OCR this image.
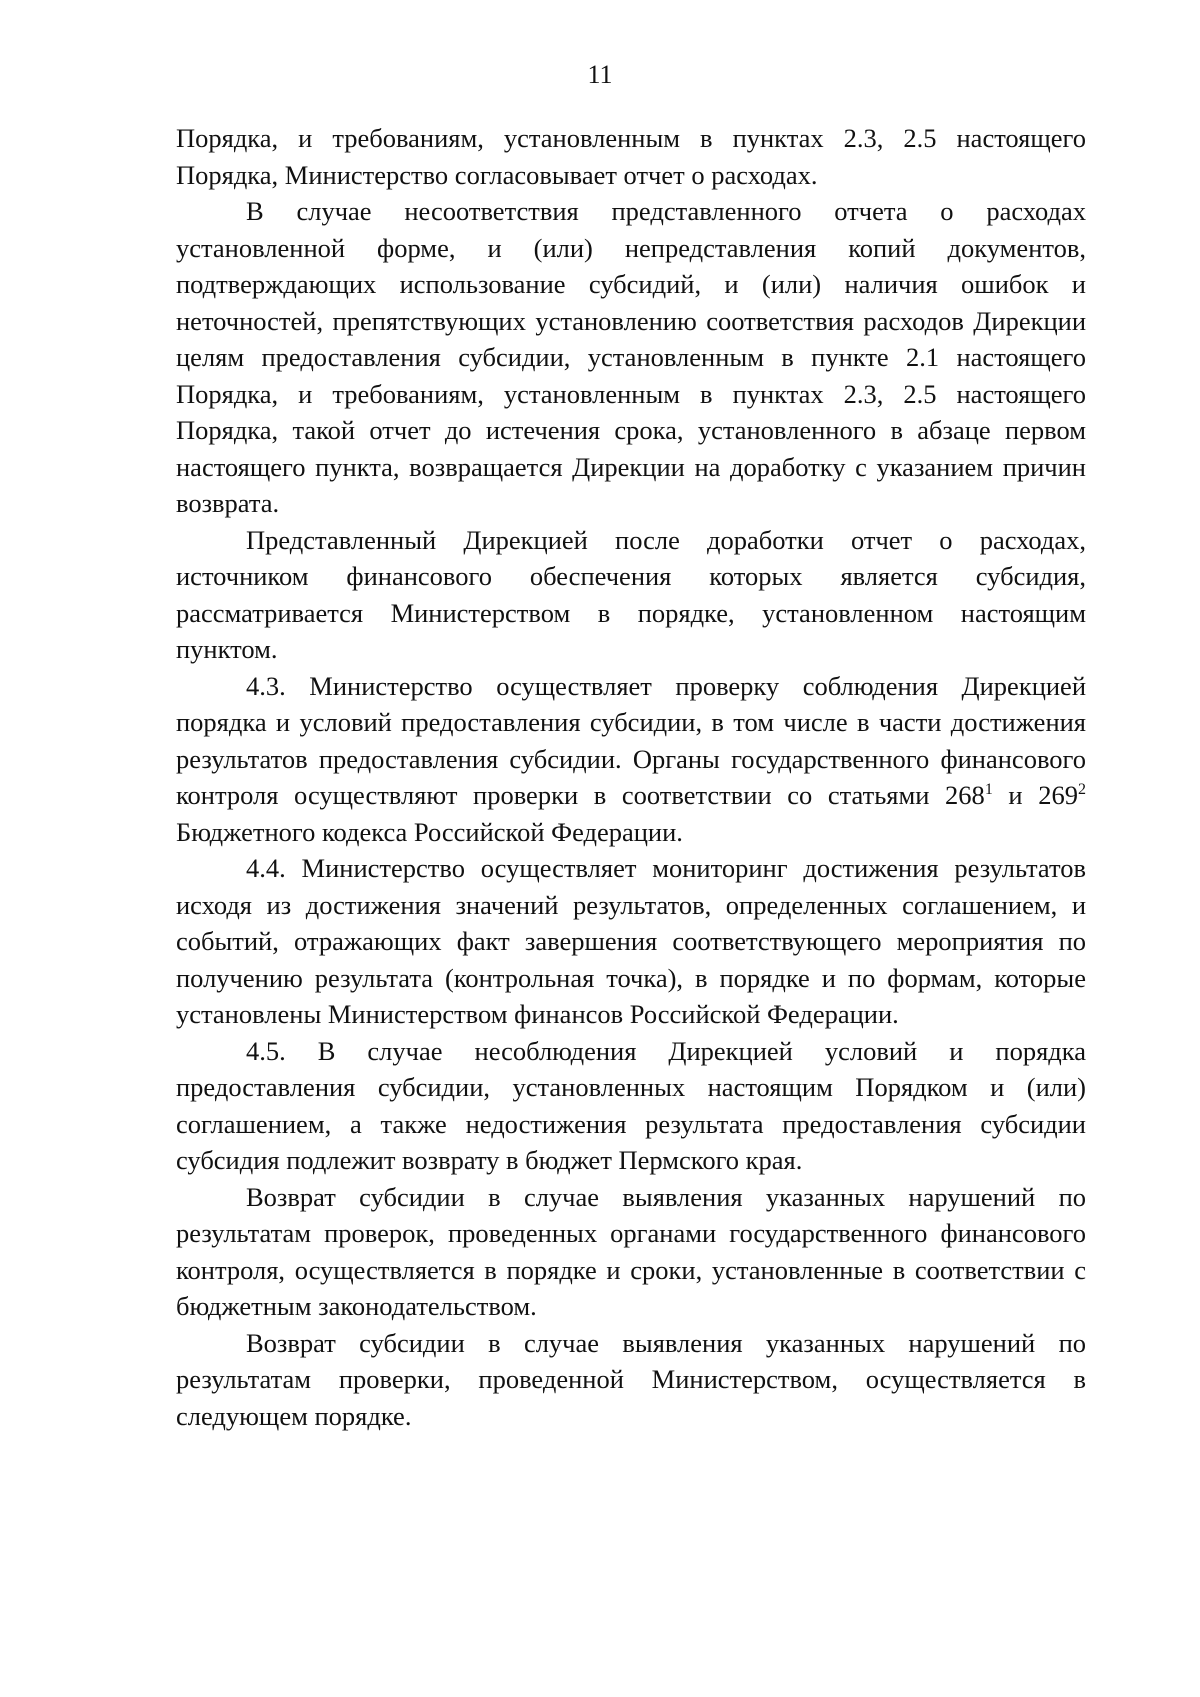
11

Порядка, и требованиям, установленным в пунктах 2.3, 2.5 настоящего Порядка, Министерство согласовывает отчет о расходах.

В случае несоответствия представленного отчета о расходах установленной форме, и (или) непредставления копий документов, подтверждающих использование субсидий, и (или) наличия ошибок и неточностей, препятствующих установлению соответствия расходов Дирекции целям предоставления субсидии, установленным в пункте 2.1 настоящего Порядка, и требованиям, установленным в пунктах 2.3, 2.5 настоящего Порядка, такой отчет до истечения срока, установленного в абзаце первом настоящего пункта, возвращается Дирекции на доработку с указанием причин возврата.

Представленный Дирекцией после доработки отчет о расходах, источником финансового обеспечения которых является субсидия, рассматривается Министерством в порядке, установленном настоящим пунктом.

4.3. Министерство осуществляет проверку соблюдения Дирекцией порядка и условий предоставления субсидии, в том числе в части достижения результатов предоставления субсидии. Органы государственного финансового контроля осуществляют проверки в соответствии со статьями $268^1$ и $269^2$ Бюджетного кодекса Российской Федерации.

4.4. Министерство осуществляет мониторинг достижения результатов исходя из достижения значений результатов, определенных соглашением, и событий, отражающих факт завершения соответствующего мероприятия по получению результата (контрольная точка), в порядке и по формам, которые установлены Министерством финансов Российской Федерации.

4.5. В случае несоблюдения Дирекцией условий и порядка предоставления субсидии, установленных настоящим Порядком и (или) соглашением, а также недостижения результата предоставления субсидии субсидия подлежит возврату в бюджет Пермского края.

Возврат субсидии в случае выявления указанных нарушений по результатам проверок, проведенных органами государственного финансового контроля, осуществляется в порядке и сроки, установленные в соответствии с бюджетным законодательством.

Возврат субсидии в случае выявления указанных нарушений по результатам проверки, проведенной Министерством, осуществляется в следующем порядке.
